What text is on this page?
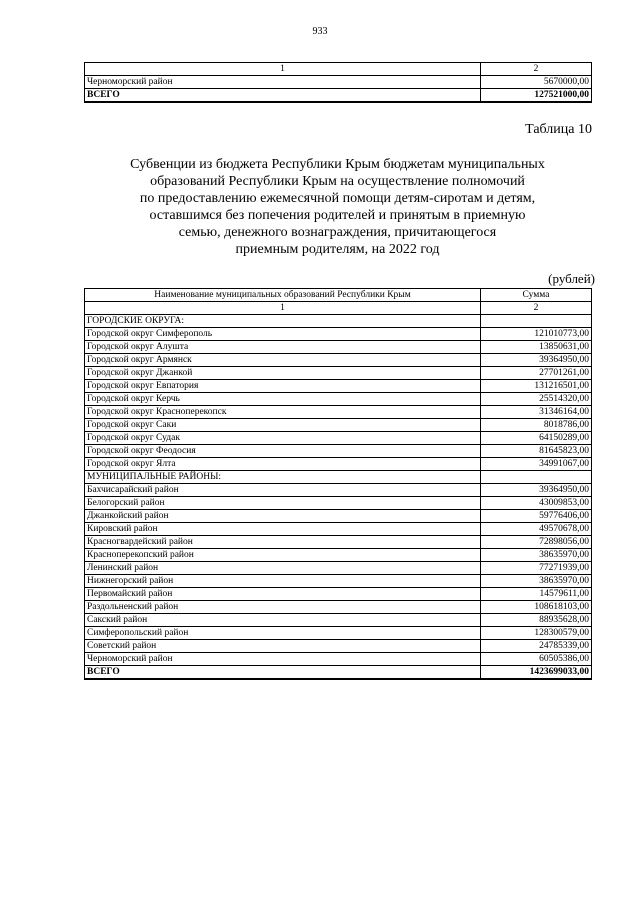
933
1	2
Черноморский район	5670000,00
ВСЕГО	127521000,00
Таблица 10
Субвенции из бюджета Республики Крым бюджетам муниципальных
образований Республики Крым на осуществление полномочий
по предоставлению ежемесячной помощи детям-сиротам и детям,
оставшимся без попечения родителей и принятым в приемную
семью, денежного вознаграждения, причитающегося
приемным родителям, на 2022 год
(рублей)
Наименование муниципальных образований Республики Крым	Сумма
1	2
ГОРОДСКИЕ ОКРУГА:	
Городской округ Симферополь	121010773,00
Городской округ Алушта	13850631,00
Городской округ Армянск	39364950,00
Городской округ Джанкой	27701261,00
Городской округ Евпатория	131216501,00
Городской округ Керчь	25514320,00
Городской округ Красноперекопск	31346164,00
Городской округ Саки	8018786,00
Городской округ Судак	64150289,00
Городской округ Феодосия	81645823,00
Городской округ Ялта	34991067,00
МУНИЦИПАЛЬНЫЕ РАЙОНЫ:	
Бахчисарайский район	39364950,00
Белогорский район	43009853,00
Джанкойский район	59776406,00
Кировский район	49570678,00
Красногвардейский район	72898056,00
Красноперекопский район	38635970,00
Ленинский район	77271939,00
Нижнегорский район	38635970,00
Первомайский район	14579611,00
Раздольненский район	108618103,00
Сакский район	88935628,00
Симферопольский район	128300579,00
Советский район	24785339,00
Черноморский район	60505386,00
ВСЕГО	1423699033,00
